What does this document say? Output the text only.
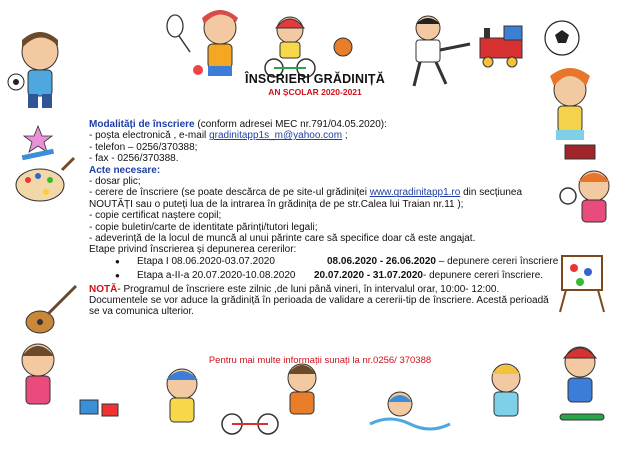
ÎNSCRIERI GRĂDINIȚĂ
AN ȘCOLAR 2020-2021
Modalități de înscriere (conform adresei MEC nr.791/04.05.2020):
- poșta electronică , e-mail gradinitapp1s_m@yahoo.com ;
- telefon – 0256/370388;
- fax - 0256/370388.
Acte necesare:
- dosar plic;
- cerere de înscriere (se poate descărca de pe site-ul grădiniței www.gradinitapp1.ro din secțiunea
NOUTĂȚI sau o puteți lua de la intrarea în grădinița de pe str.Calea lui Traian nr.11 );
- copie certificat naștere copil;
- copie buletin/carte de identitate părinți/tutori legali;
- adeverință de la locul de muncă al unui părinte care să specifice doar că este angajat.
Etape privind înscrierea și depunerea cererilor:
● Etapa I 08.06.2020-03.07.2020	08.06.2020 - 26.06.2020 – depunere cereri înscriere
● Etapa a-II-a 20.07.2020-10.08.2020 20.07.2020 - 31.07.2020- depunere cereri înscriere.
NOTĂ- Programul de înscriere este zilnic ,de luni până vineri, în intervalul orar, 10:00- 12:00.
Documentele se vor aduce la grădiniță în perioada de validare a cererii-tip de înscriere. Acestă perioadă
se va comunica ulterior.
Pentru mai multe informații sunați la nr.0256/ 370388
